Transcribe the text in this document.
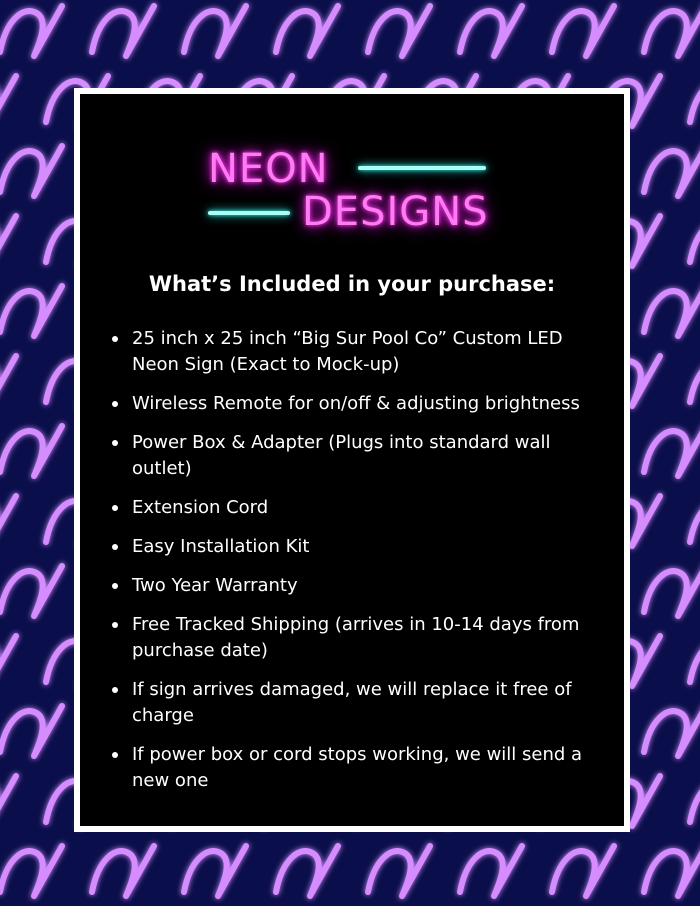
NEON
DESIGNS
What’s Included in your purchase:
25 inch x 25 inch “Big Sur Pool Co” Custom LED Neon Sign (Exact to Mock-up)
Wireless Remote for on/off & adjusting brightness
Power Box & Adapter (Plugs into standard wall outlet)
Extension Cord
Easy Installation Kit
Two Year Warranty
Free Tracked Shipping (arrives in 10-14 days from purchase date)
If sign arrives damaged, we will replace it free of charge
If power box or cord stops working, we will send a new one
